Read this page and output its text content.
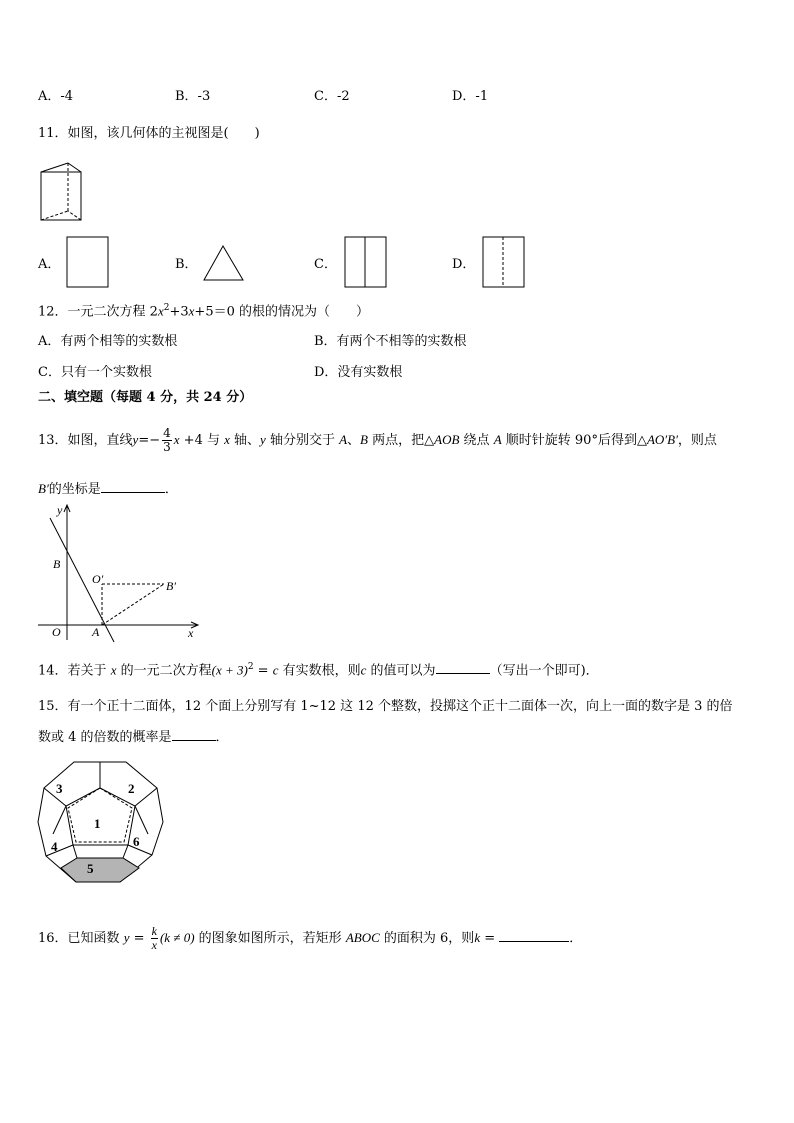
A．-4	B．-3	C．-2	D．-1
11．如图，该几何体的主视图是(　　)
A．	B．	C．	D．
12．一元二次方程 $2x^2+3x+5=0$ 的根的情况为（　　）
A．有两个相等的实数根	B．有两个不相等的实数根
C．只有一个实数根	D．没有实数根
二、填空题（每题 4 分，共 24 分）
13．如图，直线$y=- \frac{4}{3}$ x +4 与 x 轴、y 轴分别交于 A、B 两点，把△AOB 绕点 A 顺时针旋转 90°后得到△AO′B′，则点
B′的坐标是	．
y
x
O	A
B
O′	B′
14．若关于 x 的一元二次方程$(x + 3)^2 = c$ 有实数根，则c 的值可以为	（写出一个即可)．
15．有一个正十二面体，12 个面上分别写有 1~12 这 12 个整数，投掷这个正十二面体一次，向上一面的数字是 3 的倍
数或 4 的倍数的概率是	．
1
2
3
4
5
6
16．已知函数 $y = \frac{k}{x} (k \ne 0)$ 的图象如图所示，若矩形 ABOC 的面积为 6，则k =	．
